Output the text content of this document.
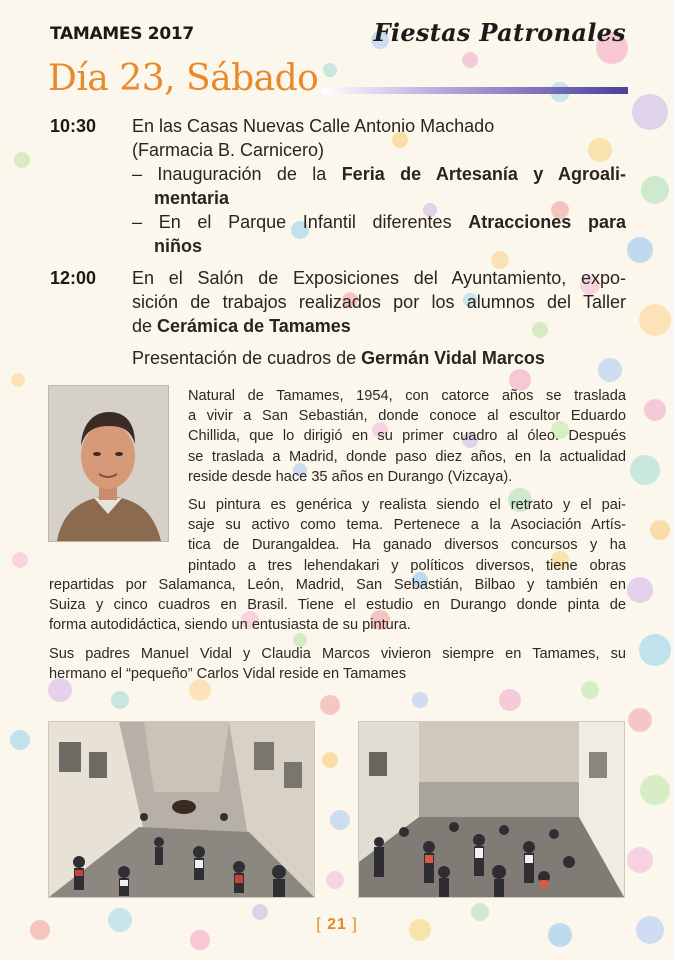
TAMAMES 2017	Fiestas Patronales
Día 23, Sábado
10:30 En las Casas Nuevas Calle Antonio Machado
(Farmacia B. Carnicero)
– Inauguración de la Feria de Artesanía y Agroali-
mentaria
– En el Parque Infantil diferentes Atracciones para
niños
12:00 En el Salón de Exposiciones del Ayuntamiento, expo-
sición de trabajos realizados por los alumnos del Taller
de Cerámica de Tamames
Presentación de cuadros de Germán Vidal Marcos
Natural de Tamames, 1954, con catorce años se traslada
a vivir a San Sebastián, donde conoce al escultor Eduardo
Chillida, que lo dirigió en su primer cuadro al óleo. Después
se traslada a Madrid, donde paso diez años, en la actualidad
reside desde hace 35 años en Durango (Vizcaya).
Su pintura es genérica y realista siendo el retrato y el pai-
saje su activo como tema. Pertenece a la Asociación Artís-
tica de Durangaldea. Ha ganado diversos concursos y ha
pintado a tres lehendakari y políticos diversos, tiene obras
repartidas por Salamanca, León, Madrid, San Sebastián, Bilbao y también en
Suiza y cinco cuadros en Brasil. Tiene el estudio en Durango donde pinta de
forma autodidáctica, siendo un entusiasta de su pintura.
Sus padres Manuel Vidal y Claudia Marcos vivieron siempre en Tamames, su
hermano el “pequeño” Carlos Vidal reside en Tamames
[ 21 ]
